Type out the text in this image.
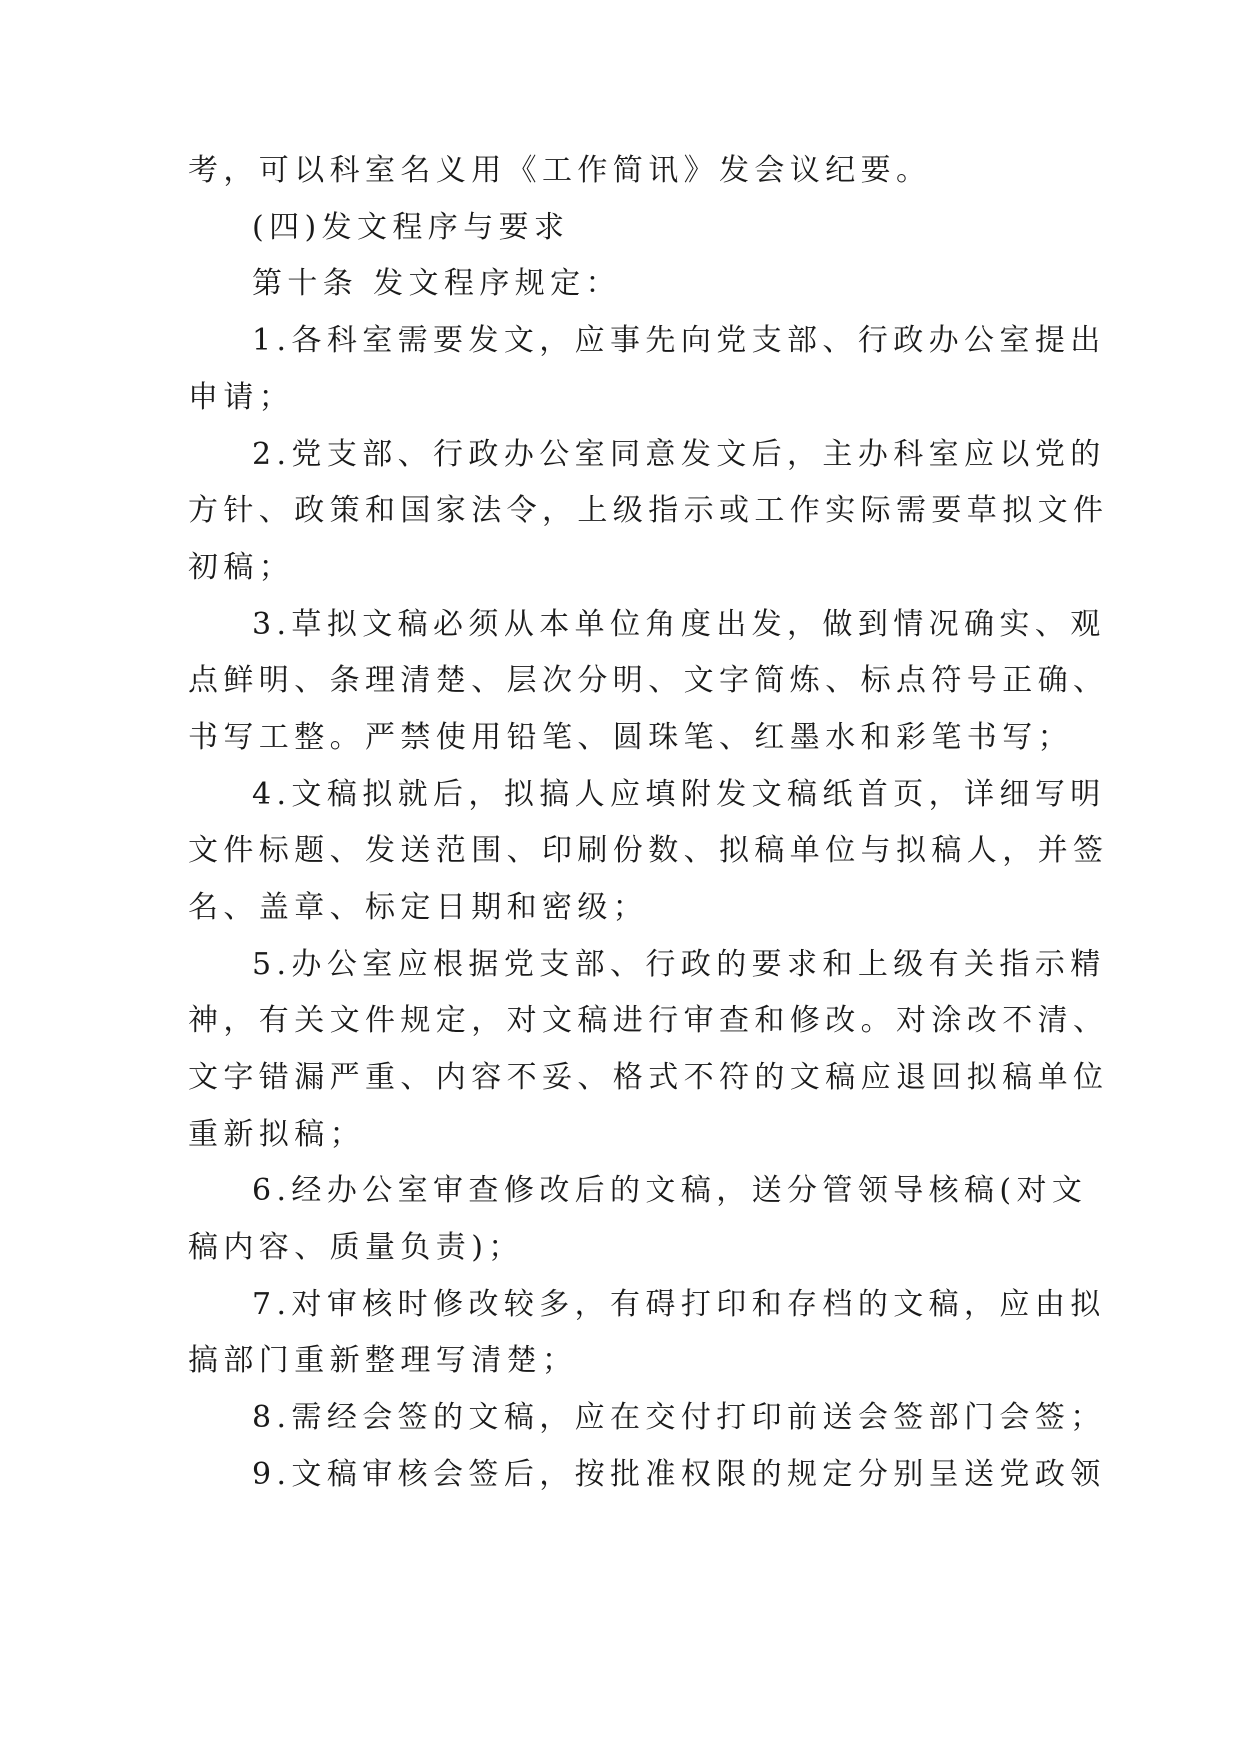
考，可以科室名义用《工作简讯》发会议纪要。
(四)发文程序与要求
第十条 发文程序规定：
1.各科室需要发文，应事先向党支部、行政办公室提出
申请；
2.党支部、行政办公室同意发文后，主办科室应以党的
方针、政策和国家法令，上级指示或工作实际需要草拟文件
初稿；
3.草拟文稿必须从本单位角度出发，做到情况确实、观
点鲜明、条理清楚、层次分明、文字简炼、标点符号正确、
书写工整。严禁使用铅笔、圆珠笔、红墨水和彩笔书写；
4.文稿拟就后，拟搞人应填附发文稿纸首页，详细写明
文件标题、发送范围、印刷份数、拟稿单位与拟稿人，并签
名、盖章、标定日期和密级；
5.办公室应根据党支部、行政的要求和上级有关指示精
神，有关文件规定，对文稿进行审查和修改。对涂改不清、
文字错漏严重、内容不妥、格式不符的文稿应退回拟稿单位
重新拟稿；
6.经办公室审查修改后的文稿，送分管领导核稿(对文
稿内容、质量负责)；
7.对审核时修改较多，有碍打印和存档的文稿，应由拟
搞部门重新整理写清楚；
8.需经会签的文稿，应在交付打印前送会签部门会签；
9.文稿审核会签后，按批准权限的规定分别呈送党政领
